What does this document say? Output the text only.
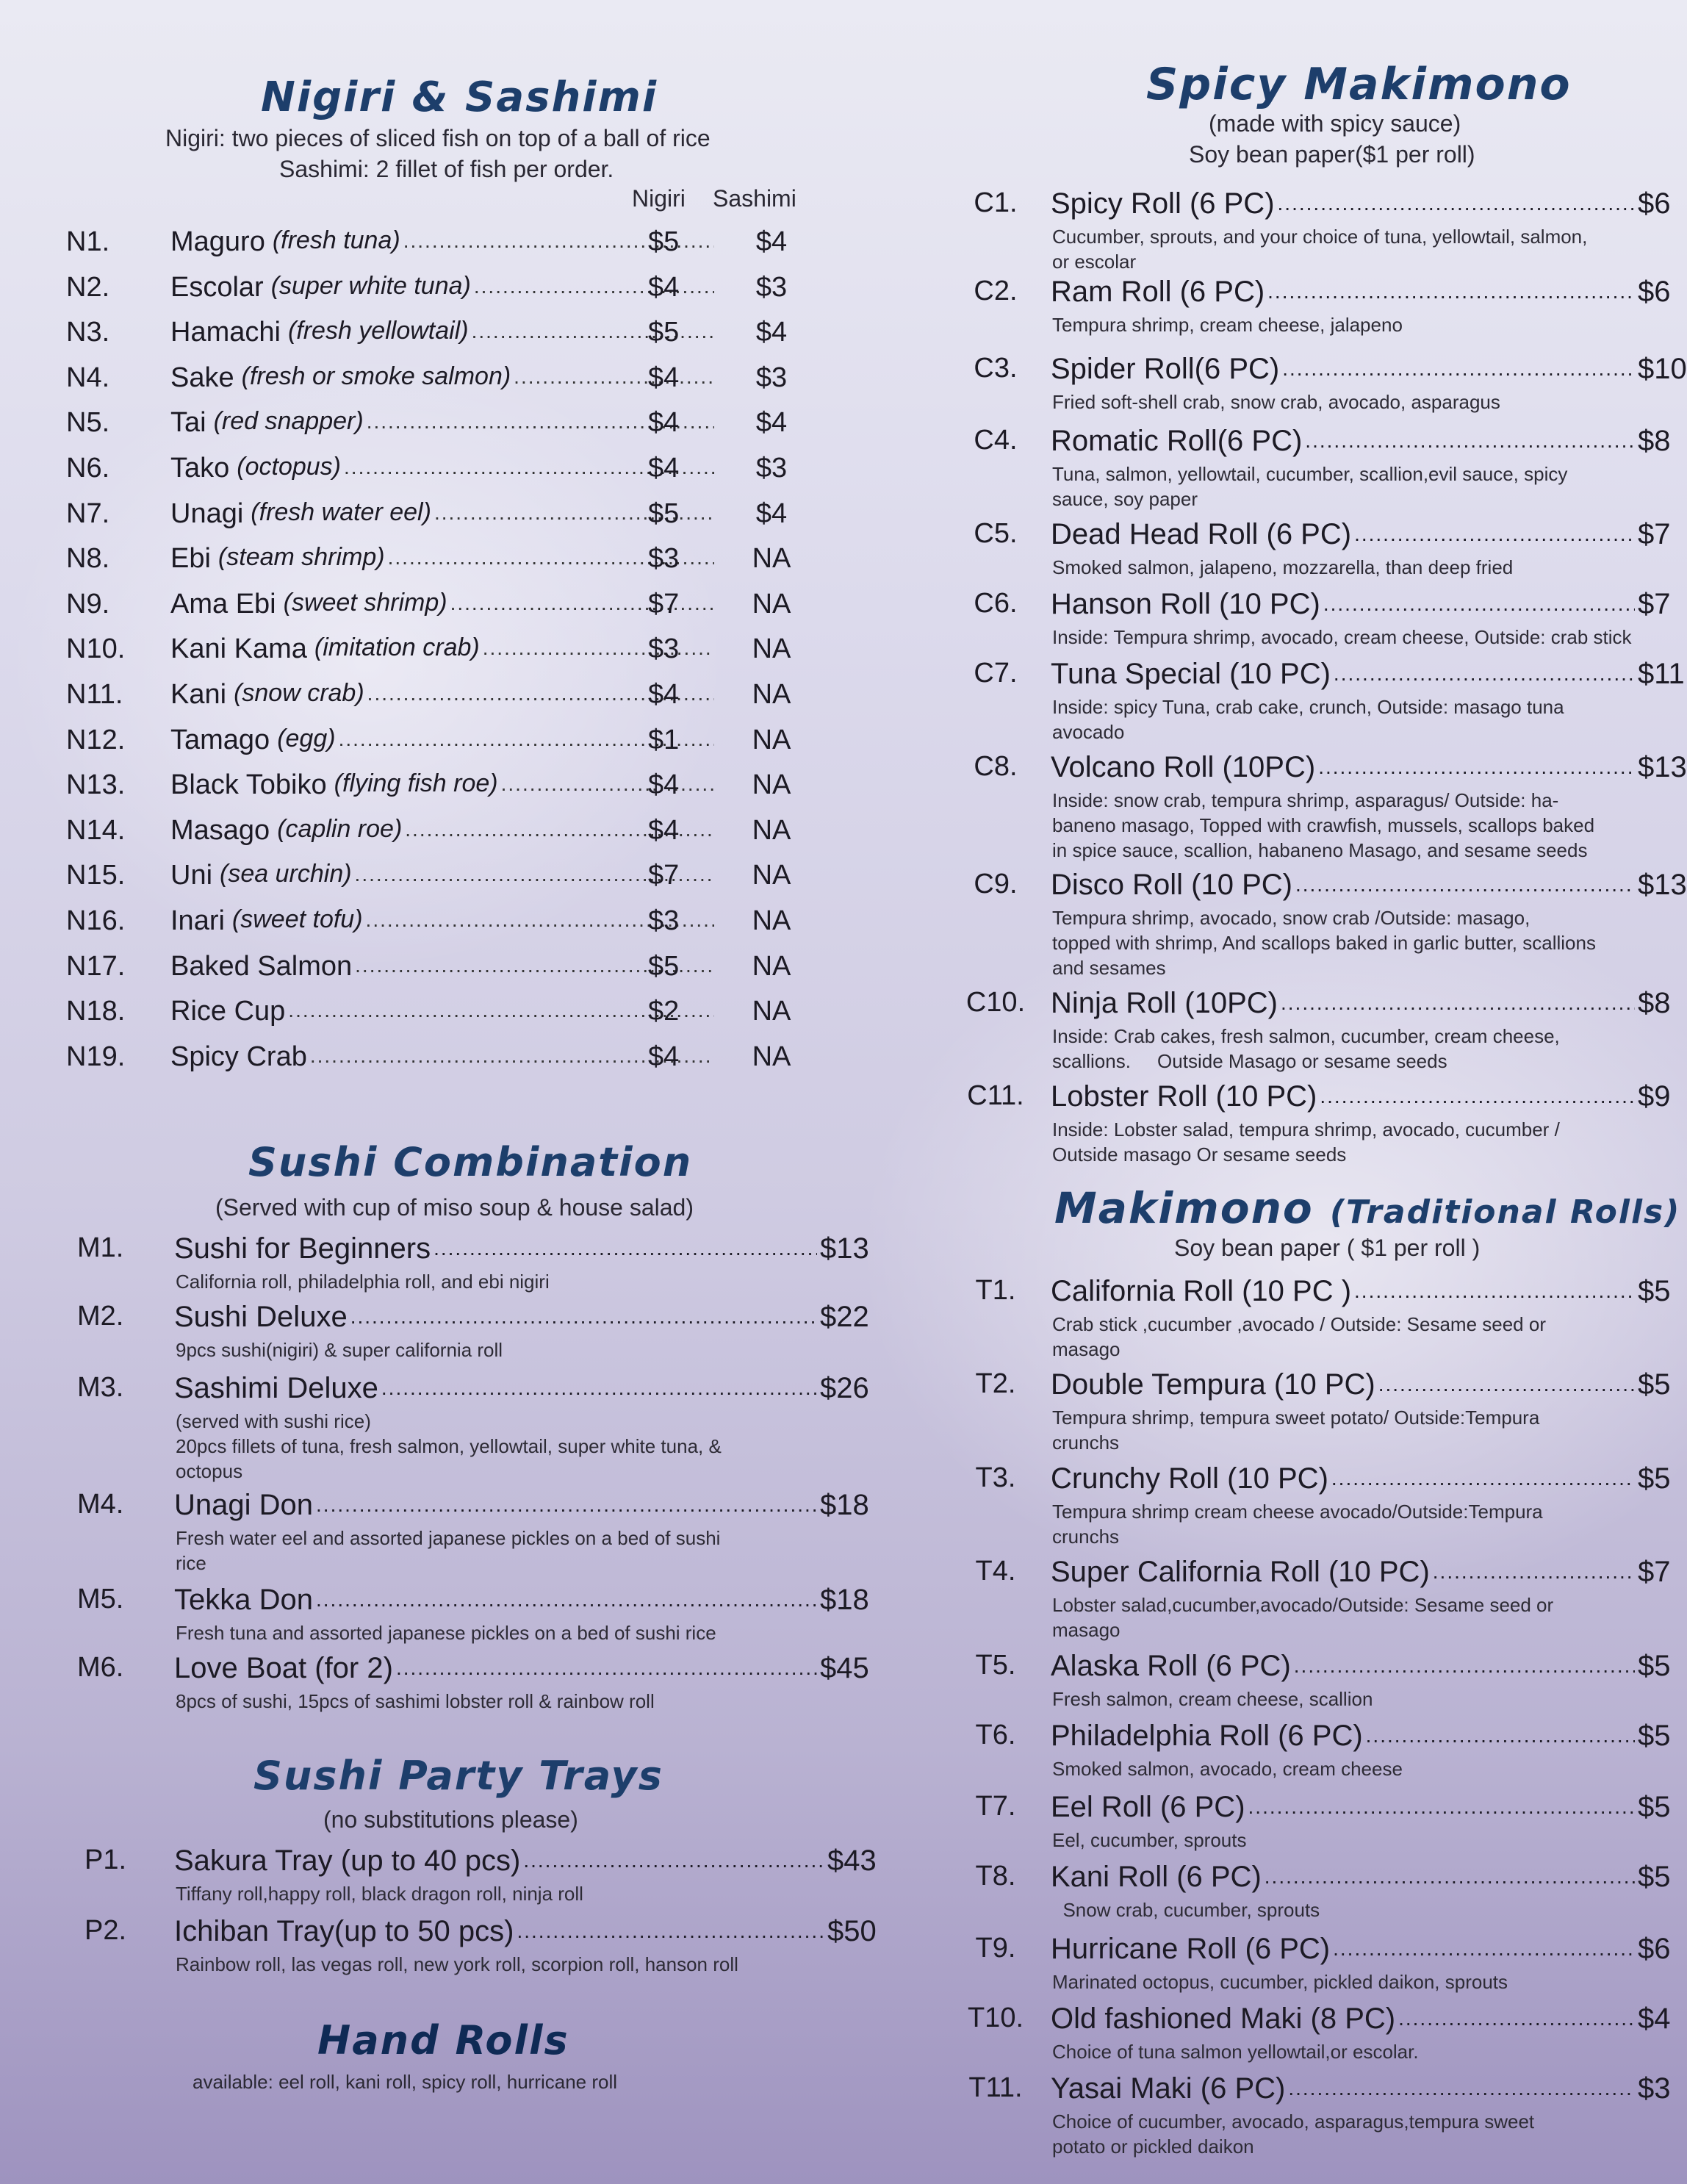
Nigiri & Sashimi
Nigiri: two pieces of sliced fish on top of a ball of rice
Sashimi: 2 fillet of fish per order.
Nigiri Sashimi
N1.	Maguro (fresh tuna) .....	$5	$4
N2.	Escolar (super white tuna) .....	$4	$3
N3.	Hamachi (fresh yellowtail) .....	$5	$4
N4.	Sake (fresh or smoke salmon) .....	$4	$3
N5.	Tai (red snapper) .....	$4	$4
N6.	Tako (octopus) .....	$4	$3
N7.	Unagi (fresh water eel) .....	$5	$4
N8.	Ebi (steam shrimp) .....	$3	NA
N9.	Ama Ebi (sweet shrimp) .....	$7	NA
N10.	Kani Kama (imitation crab) .....	$3	NA
N11.	Kani (snow crab) .....	$4	NA
N12.	Tamago (egg) .....	$1	NA
N13.	Black Tobiko (flying fish roe) .....	$4	NA
N14.	Masago (caplin roe) .....	$4	NA
N15.	Uni (sea urchin) .....	$7	NA
N16.	Inari (sweet tofu) .....	$3	NA
N17.	Baked Salmon .....	$5	NA
N18.	Rice Cup .....	$2	NA
N19.	Spicy Crab .....	$4	NA
Sushi Combination
(Served with cup of miso soup & house salad)
M1.	Sushi for Beginners .....	$13
California roll, philadelphia roll, and ebi nigiri
M2.	Sushi Deluxe .....	$22
9pcs sushi(nigiri) & super california roll
M3.	Sashimi Deluxe .....	$26
(served with sushi rice)
20pcs fillets of tuna, fresh salmon, yellowtail, super white tuna, &
octopus
M4.	Unagi Don .....	$18
Fresh water eel and assorted japanese pickles on a bed of sushi
rice
M5.	Tekka Don .....	$18
Fresh tuna and assorted japanese pickles on a bed of sushi rice
M6.	Love Boat (for 2) .....	$45
8pcs of sushi, 15pcs of sashimi lobster roll & rainbow roll
Sushi Party Trays
(no substitutions please)
P1.	Sakura Tray (up to 40 pcs) .....	$43
Tiffany roll,happy roll, black dragon roll, ninja roll
P2.	Ichiban Tray(up to 50 pcs) .....	$50
Rainbow roll, las vegas roll, new york roll, scorpion roll, hanson roll
Hand Rolls
available: eel roll, kani roll, spicy roll, hurricane roll
Spicy Makimono
(made with spicy sauce)
Soy bean paper($1 per roll)
C1.	Spicy Roll (6 PC) .....	$6
Cucumber, sprouts, and your choice of tuna, yellowtail, salmon,
or escolar
C2.	Ram Roll (6 PC) .....	$6
Tempura shrimp, cream cheese, jalapeno
C3.	Spider Roll(6 PC) .....	$10
Fried soft-shell crab, snow crab, avocado, asparagus
C4.	Romatic Roll(6 PC) .....	$8
Tuna, salmon, yellowtail, cucumber, scallion,evil sauce, spicy
sauce, soy paper
C5.	Dead Head Roll (6 PC) .....	$7
Smoked salmon, jalapeno, mozzarella, than deep fried
C6.	Hanson Roll (10 PC) .....	$7
Inside: Tempura shrimp, avocado, cream cheese, Outside: crab stick
C7.	Tuna Special (10 PC) .....	$11
Inside: spicy Tuna, crab cake, crunch, Outside: masago tuna
avocado
C8.	Volcano Roll (10PC) .....	$13
Inside: snow crab, tempura shrimp, asparagus/ Outside: ha-
baneno masago, Topped with crawfish, mussels, scallops baked
in spice sauce, scallion, habaneno Masago, and sesame seeds
C9.	Disco Roll (10 PC) .....	$13
Tempura shrimp, avocado, snow crab /Outside: masago,
topped with shrimp, And scallops baked in garlic butter, scallions
and sesames
C10. Ninja Roll (10PC) .....	$8
Inside: Crab cakes, fresh salmon, cucumber, cream cheese,
scallions.     Outside Masago or sesame seeds
C11. Lobster Roll (10 PC) .....	$9
Inside: Lobster salad, tempura shrimp, avocado, cucumber /
Outside masago Or sesame seeds
Makimono (Traditional Rolls)
Soy bean paper ( $1 per roll )
T1.	California Roll (10 PC ) .....	$5
Crab stick ,cucumber ,avocado / Outside: Sesame seed or
masago
T2.	Double Tempura (10 PC) .....	$5
Tempura shrimp, tempura sweet potato/ Outside:Tempura
crunchs
T3.	Crunchy Roll (10 PC) .....	$5
Tempura shrimp cream cheese avocado/Outside:Tempura
crunchs
T4.	Super California Roll (10 PC) .....	$7
Lobster salad,cucumber,avocado/Outside: Sesame seed or
masago
T5.	Alaska Roll (6 PC) .....	$5
Fresh salmon, cream cheese, scallion
T6.	Philadelphia Roll (6 PC) .....	$5
Smoked salmon, avocado, cream cheese
T7.	Eel Roll (6 PC) .....	$5
Eel, cucumber, sprouts
T8.	Kani Roll (6 PC) .....	$5
Snow crab, cucumber, sprouts
T9.	Hurricane Roll (6 PC) .....	$6
Marinated octopus, cucumber, pickled daikon, sprouts
T10. Old fashioned Maki (8 PC) .....	$4
Choice of tuna salmon yellowtail,or escolar.
T11. Yasai Maki (6 PC) .....	$3
Choice of cucumber, avocado, asparagus,tempura sweet
potato or pickled daikon
